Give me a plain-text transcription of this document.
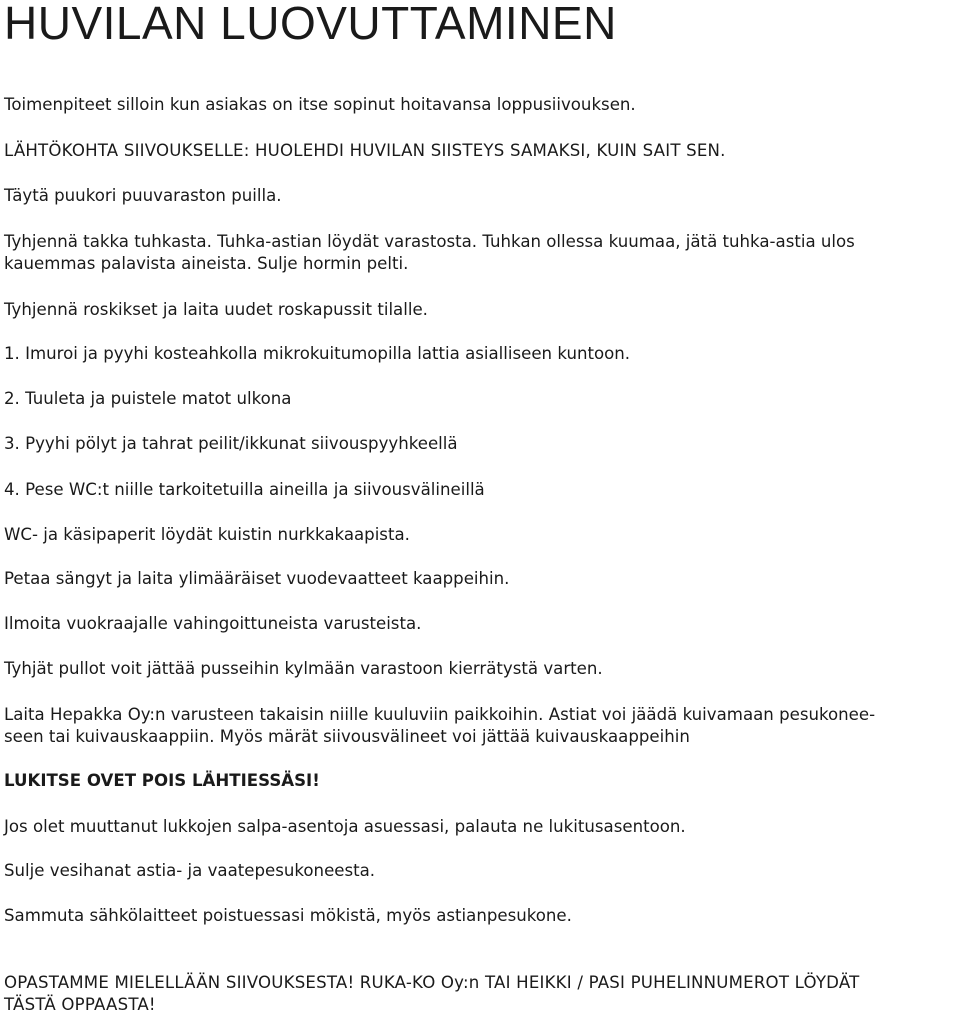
HUVILAN LUOVUTTAMINEN

Toimenpiteet silloin kun asiakas on itse sopinut hoitavansa loppusiivouksen.

LÄHTÖKOHTA SIIVOUKSELLE: HUOLEHDI HUVILAN SIISTEYS SAMAKSI, KUIN SAIT SEN.

Täytä puukori puuvaraston puilla.

Tyhjennä takka tuhkasta. Tuhka-astian löydät varastosta. Tuhkan ollessa kuumaa, jätä tuhka-astia ulos

kauemmas palavista aineista. Sulje hormin pelti.

Tyhjennä roskikset ja laita uudet roskapussit tilalle.

1. Imuroi ja pyyhi kosteahkolla mikrokuitumopilla lattia asialliseen kuntoon.

2. Tuuleta ja puistele matot ulkona

3. Pyyhi pölyt ja tahrat peilit/ikkunat siivouspyyhkeellä

4. Pese WC:t niille tarkoitetuilla aineilla ja siivousvälineillä

WC- ja käsipaperit löydät kuistin nurkkakaapista.

Petaa sängyt ja laita ylimääräiset vuodevaatteet kaappeihin.

Ilmoita vuokraajalle vahingoittuneista varusteista.

Tyhjät pullot voit jättää pusseihin kylmään varastoon kierrätystä varten.

Laita Hepakka Oy:n varusteen takaisin niille kuuluviin paikkoihin. Astiat voi jäädä kuivamaan pesukonee-

seen tai kuivauskaappiin. Myös märät siivousvälineet voi jättää kuivauskaappeihin

LUKITSE OVET POIS LÄHTIESSÄSI!

Jos olet muuttanut lukkojen salpa-asentoja asuessasi, palauta ne lukitusasentoon.

Sulje vesihanat astia- ja vaatepesukoneesta.

Sammuta sähkölaitteet poistuessasi mökistä, myös astianpesukone.

OPASTAMME MIELELLÄÄN SIIVOUKSESTA! RUKA-KO Oy:n TAI HEIKKI / PASI PUHELINNUMEROT LÖYDÄT

TÄSTÄ OPPAASTA!
